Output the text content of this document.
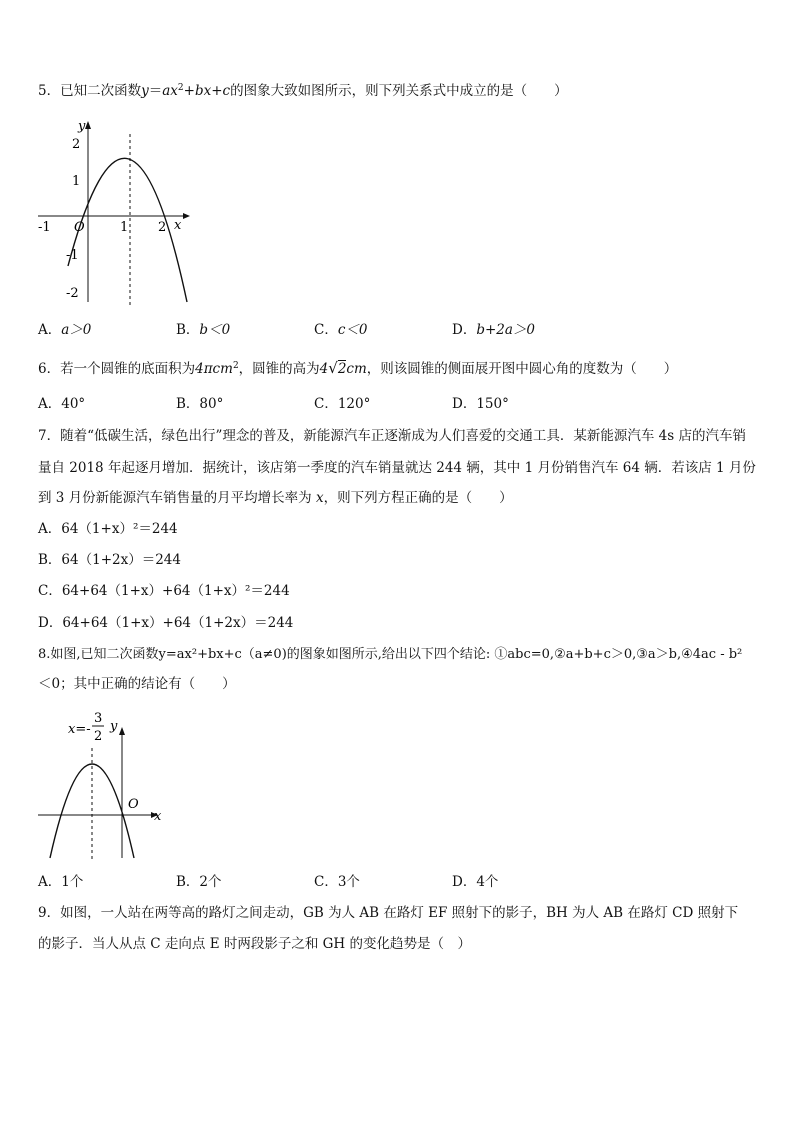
5．已知二次函数$y=ax^2+bx+c$的图象大致如图所示，则下列关系式中成立的是（　　）
y
x
O
-1	1 2
2
1
-1
-2
A．a＞0	B．b＜0	C．c＜0	D．b+2a＞0
6．若一个圆锥的底面积为4πcm$^2$，圆锥的高为4√2cm，则该圆锥的侧面展开图中圆心角的度数为（　　）
A．40°	B．80°	C．120°	D．150°
7．随着“低碳生活，绿色出行”理念的普及，新能源汽车正逐渐成为人们喜爱的交通工具．某新能源汽车 4s 店的汽车销
量自 2018 年起逐月增加．据统计，该店第一季度的汽车销量就达 244 辆，其中 1 月份销售汽车 64 辆．若该店 1 月份
到 3 月份新能源汽车销售量的月平均增长率为 x，则下列方程正确的是（　　）
A．64（1+x）²＝244
B．64（1+2x）＝244
C．64+64（1+x）+64（1+x）²＝244
D．64+64（1+x）+64（1+2x）＝244
8.如图,已知二次函数y=ax²+bx+c（a≠0)的图象如图所示,给出以下四个结论: ①abc=0,②a+b+c＞0,③a＞b,④4ac - b²
＜0；其中正确的结论有（　　）
x=-
3
2
y
O
x
A．1个	B．2个	C．3个	D．4个
9．如图，一人站在两等高的路灯之间走动，GB 为人 AB 在路灯 EF 照射下的影子，BH 为人 AB 在路灯 CD 照射下
的影子．当人从点 C 走向点 E 时两段影子之和 GH 的变化趋势是（　）
